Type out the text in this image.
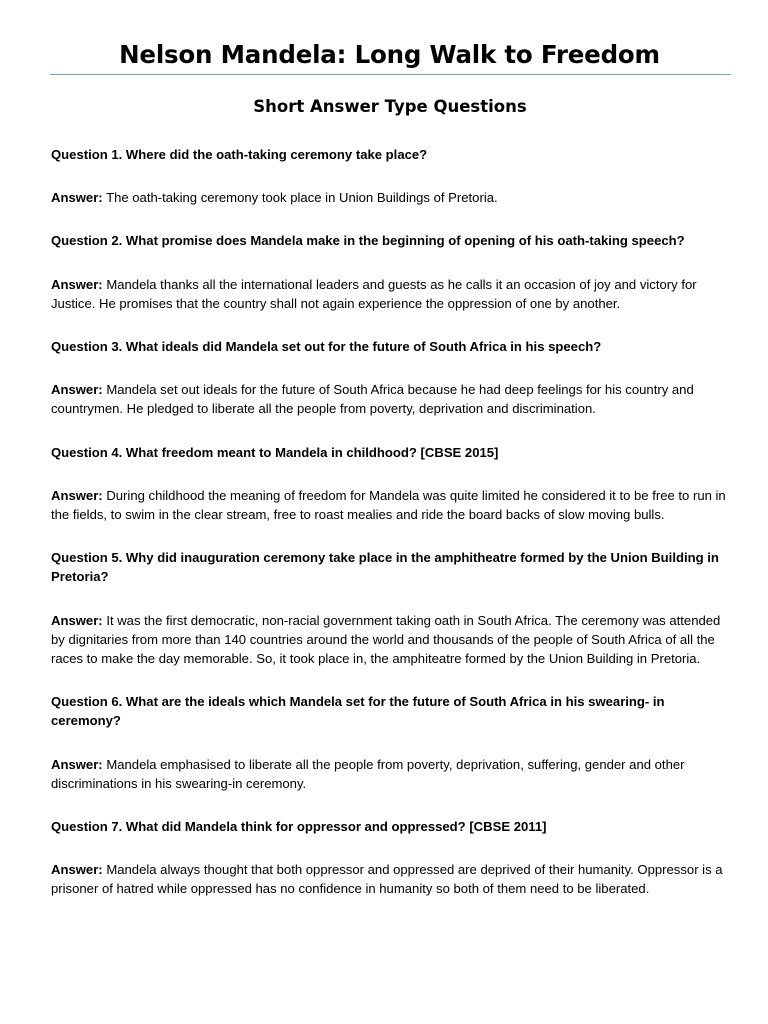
Nelson Mandela: Long Walk to Freedom
Short Answer Type Questions

Question 1. Where did the oath-taking ceremony take place?

Answer: The oath-taking ceremony took place in Union Buildings of Pretoria.

Question 2. What promise does Mandela make in the beginning of opening of his oath-taking speech?

Answer: Mandela thanks all the international leaders and guests as he calls it an occasion of joy and victory for Justice. He promises that the country shall not again experience the oppression of one by another.

Question 3. What ideals did Mandela set out for the future of South Africa in his speech?

Answer: Mandela set out ideals for the future of South Africa because he had deep feelings for his country and countrymen. He pledged to liberate all the people from poverty, deprivation and discrimination.

Question 4. What freedom meant to Mandela in childhood? [CBSE 2015]

Answer: During childhood the meaning of freedom for Mandela was quite limited he considered it to be free to run in the fields, to swim in the clear stream, free to roast mealies and ride the board backs of slow moving bulls.

Question 5. Why did inauguration ceremony take place in the amphitheatre formed by the Union Building in Pretoria?

Answer: It was the first democratic, non-racial government taking oath in South Africa. The ceremony was attended by dignitaries from more than 140 countries around the world and thousands of the people of South Africa of all the races to make the day memorable. So, it took place in, the amphiteatre formed by the Union Building in Pretoria.

Question 6. What are the ideals which Mandela set for the future of South Africa in his swearing- in ceremony?

Answer: Mandela emphasised to liberate all the people from poverty, deprivation, suffering, gender and other discriminations in his swearing-in ceremony.

Question 7. What did Mandela think for oppressor and oppressed? [CBSE 2011]

Answer: Mandela always thought that both oppressor and oppressed are deprived of their humanity. Oppressor is a prisoner of hatred while oppressed has no confidence in humanity so both of them need to be liberated.
